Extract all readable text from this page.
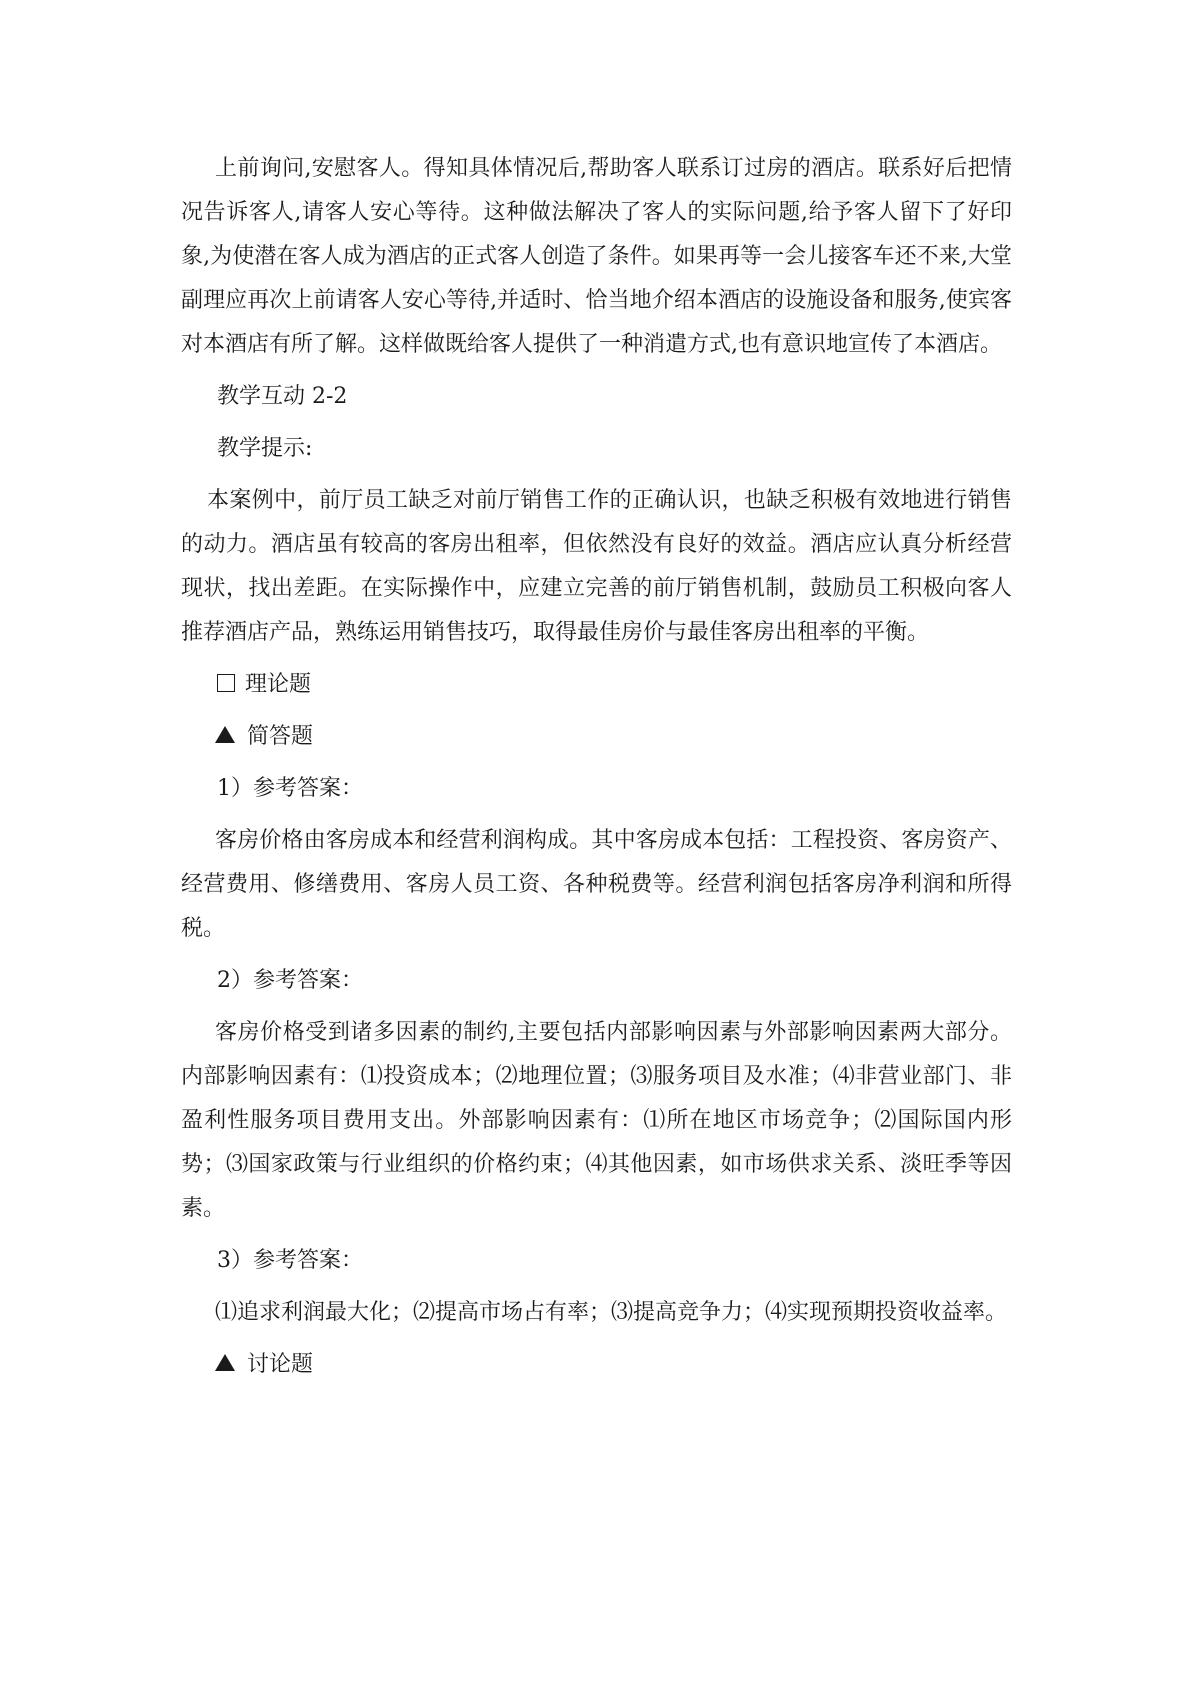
上前询问,安慰客人。得知具体情况后,帮助客人联系订过房的酒店。联系好后把情况告诉客人,请客人安心等待。这种做法解决了客人的实际问题,给予客人留下了好印象,为使潜在客人成为酒店的正式客人创造了条件。如果再等一会儿接客车还不来,大堂副理应再次上前请客人安心等待,并适时、恰当地介绍本酒店的设施设备和服务,使宾客对本酒店有所了解。这样做既给客人提供了一种消遣方式,也有意识地宣传了本酒店。

教学互动 2-2

教学提示:

本案例中，前厅员工缺乏对前厅销售工作的正确认识，也缺乏积极有效地进行销售的动力。酒店虽有较高的客房出租率，但依然没有良好的效益。酒店应认真分析经营现状，找出差距。在实际操作中，应建立完善的前厅销售机制，鼓励员工积极向客人推荐酒店产品，熟练运用销售技巧，取得最佳房价与最佳客房出租率的平衡。

理论题

简答题

1）参考答案：

客房价格由客房成本和经营利润构成。其中客房成本包括：工程投资、客房资产、经营费用、修缮费用、客房人员工资、各种税费等。经营利润包括客房净利润和所得税。

2）参考答案：

客房价格受到诸多因素的制约,主要包括内部影响因素与外部影响因素两大部分。内部影响因素有：⑴投资成本；⑵地理位置；⑶服务项目及水准；⑷非营业部门、非盈利性服务项目费用支出。外部影响因素有：⑴所在地区市场竞争；⑵国际国内形势；⑶国家政策与行业组织的价格约束；⑷其他因素，如市场供求关系、淡旺季等因素。

3）参考答案：

⑴追求利润最大化；⑵提高市场占有率；⑶提高竞争力；⑷实现预期投资收益率。

讨论题
